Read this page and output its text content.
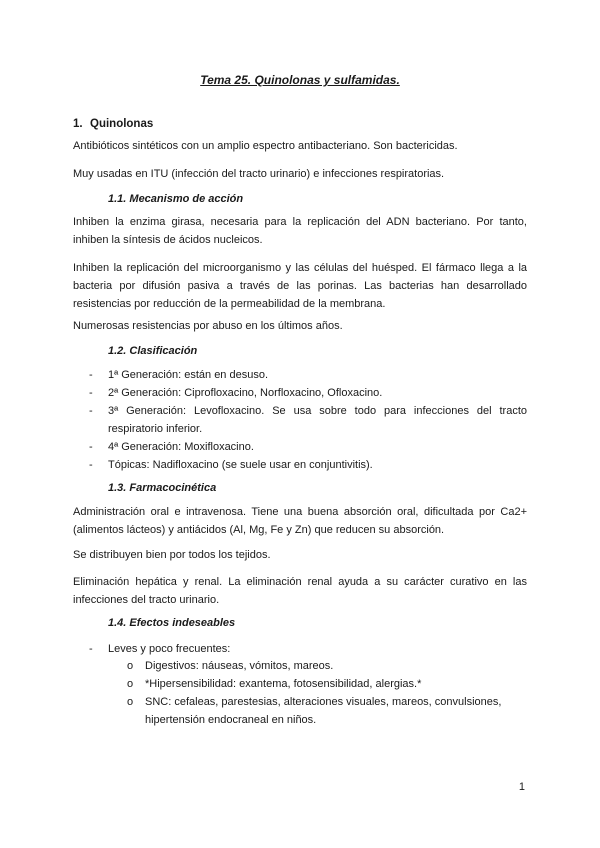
Tema 25. Quinolonas y sulfamidas.
1. Quinolonas
Antibióticos sintéticos con un amplio espectro antibacteriano. Son bactericidas.
Muy usadas en ITU (infección del tracto urinario) e infecciones respiratorias.
1.1. Mecanismo de acción
Inhiben la enzima girasa, necesaria para la replicación del ADN bacteriano. Por tanto, inhiben la síntesis de ácidos nucleicos.
Inhiben la replicación del microorganismo y las células del huésped. El fármaco llega a la bacteria por difusión pasiva a través de las porinas. Las bacterias han desarrollado resistencias por reducción de la permeabilidad de la membrana.
Numerosas resistencias por abuso en los últimos años.
1.2. Clasificación
- 1ª Generación: están en desuso.
- 2ª Generación: Ciprofloxacino, Norfloxacino, Ofloxacino.
- 3ª Generación: Levofloxacino. Se usa sobre todo para infecciones del tracto respiratorio inferior.
- 4ª Generación: Moxifloxacino.
- Tópicas: Nadifloxacino (se suele usar en conjuntivitis).
1.3. Farmacocinética
Administración oral e intravenosa. Tiene una buena absorción oral, dificultada por Ca2+ (alimentos lácteos) y antiácidos (Al, Mg, Fe y Zn) que reducen su absorción.
Se distribuyen bien por todos los tejidos.
Eliminación hepática y renal. La eliminación renal ayuda a su carácter curativo en las infecciones del tracto urinario.
1.4. Efectos indeseables
- Leves y poco frecuentes:
o Digestivos: náuseas, vómitos, mareos.
o *Hipersensibilidad: exantema, fotosensibilidad, alergias.*
o SNC: cefaleas, parestesias, alteraciones visuales, mareos, convulsiones, hipertensión endocraneal en niños.
1
